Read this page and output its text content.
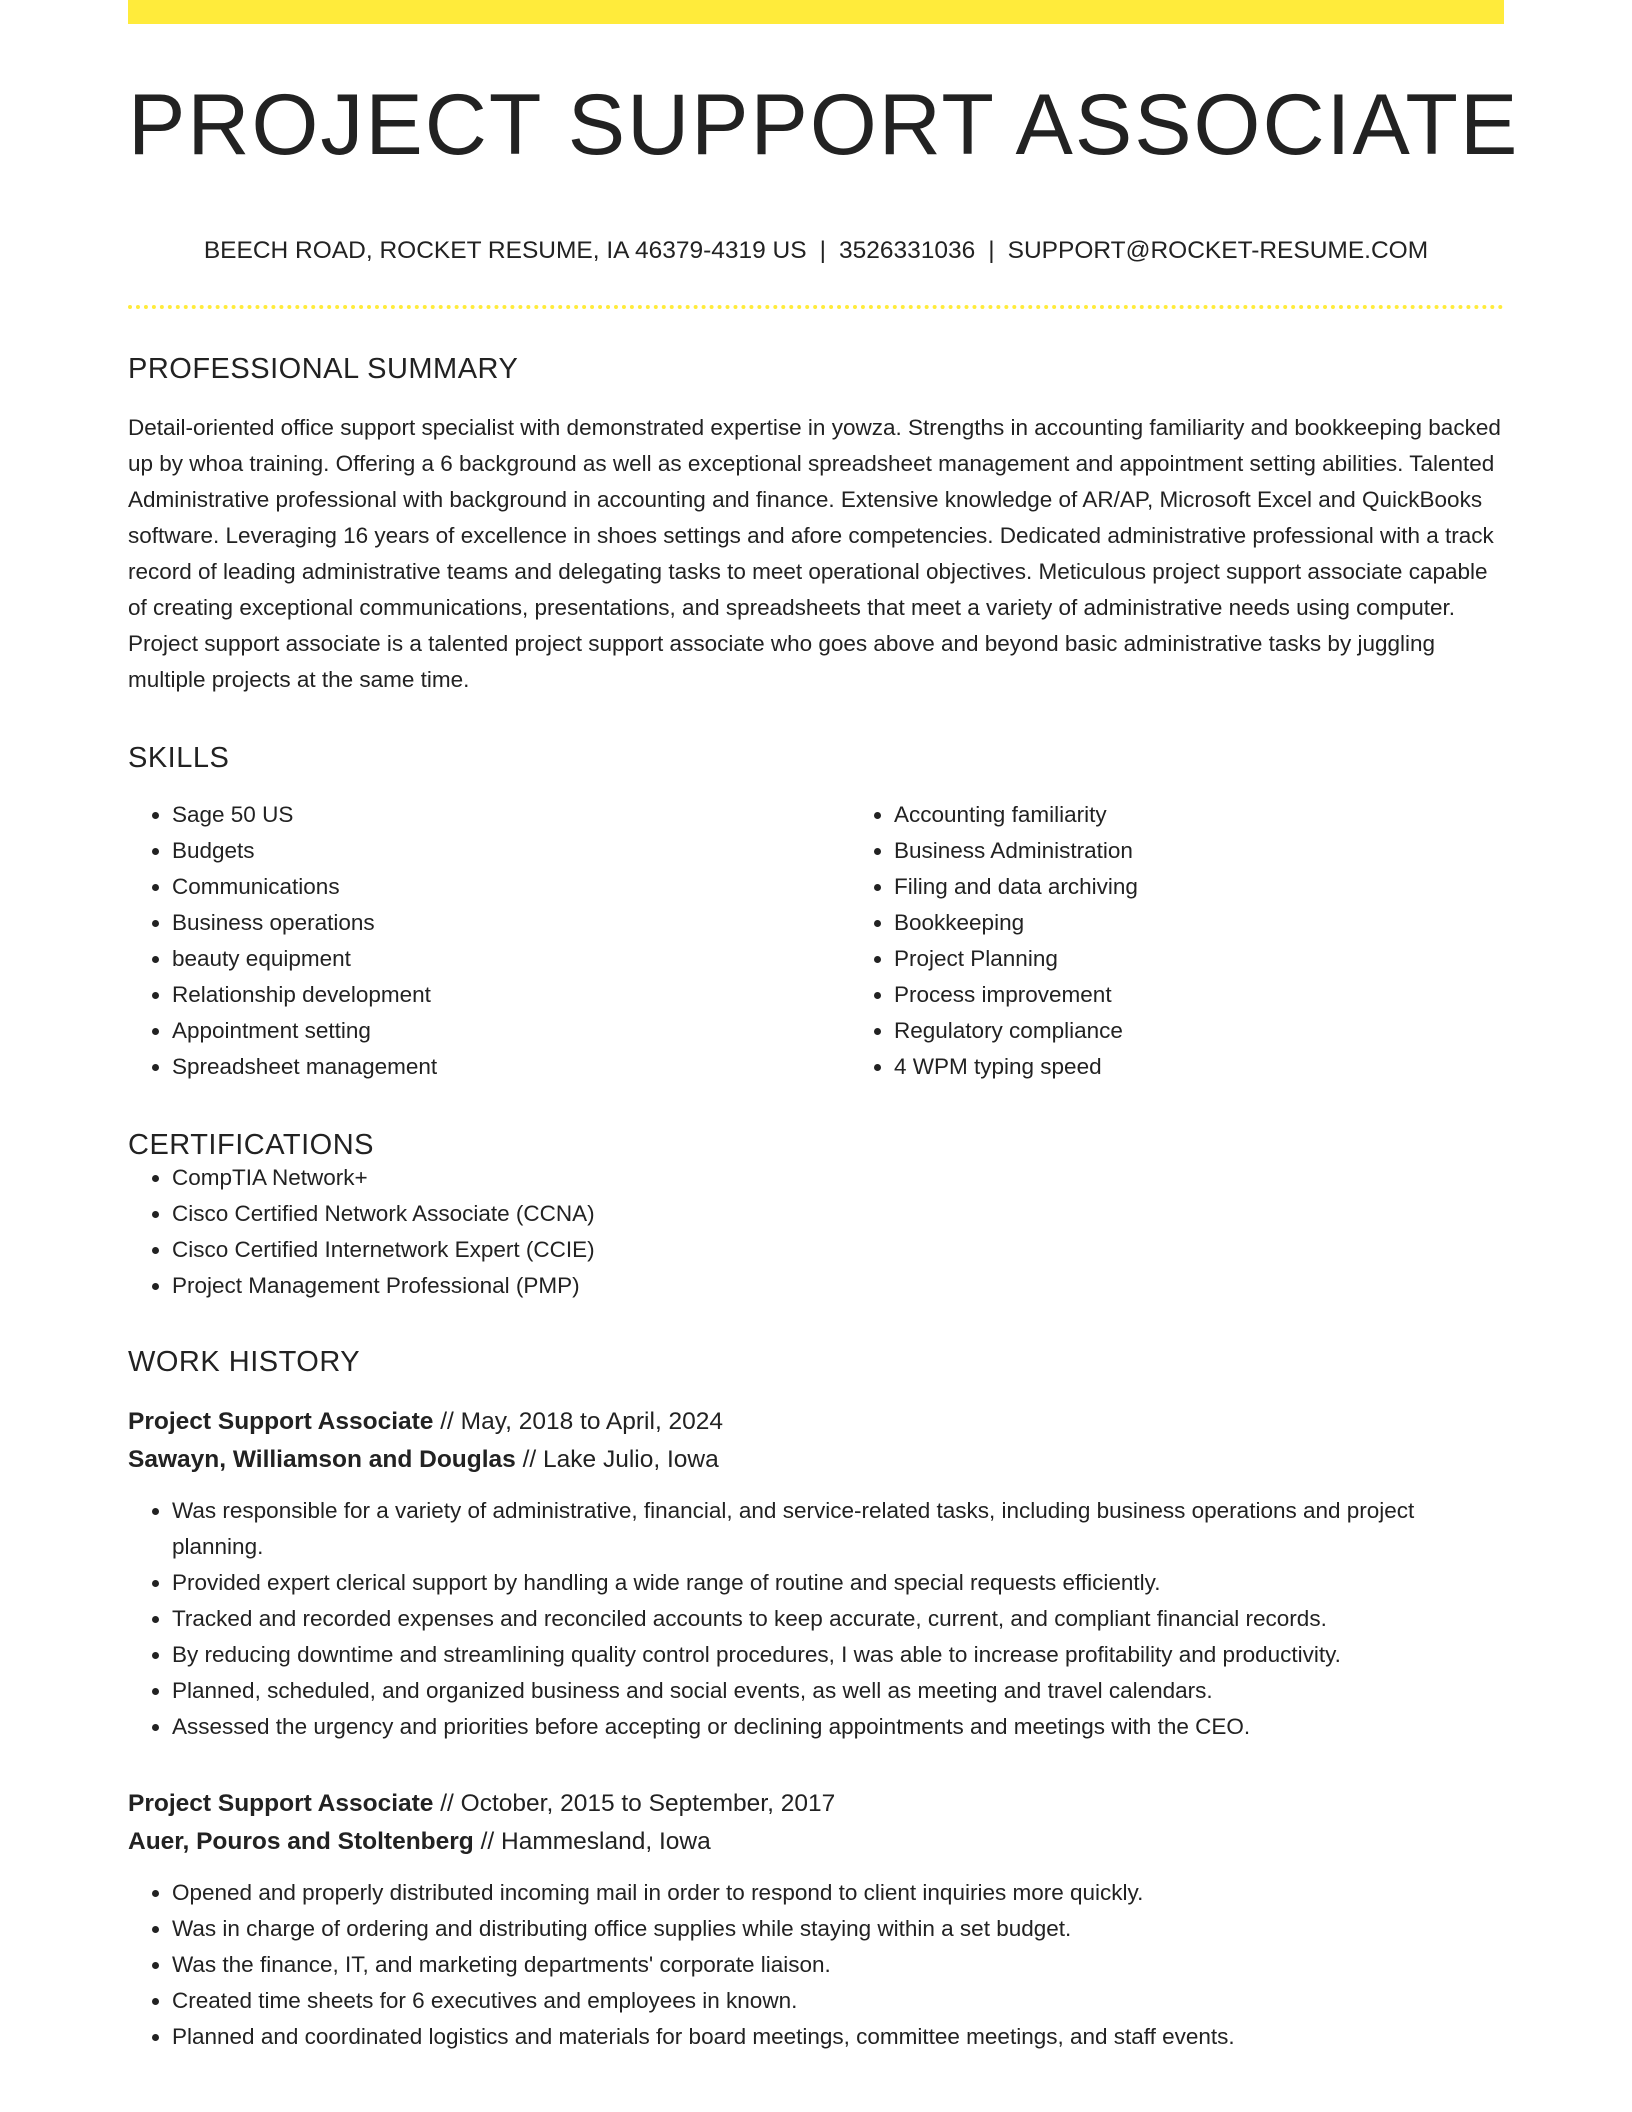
PROJECT SUPPORT ASSOCIATE
BEECH ROAD, ROCKET RESUME, IA 46379-4319 US | 3526331036 | SUPPORT@ROCKET-RESUME.COM
PROFESSIONAL SUMMARY

Detail-oriented office support specialist with demonstrated expertise in yowza. Strengths in accounting familiarity and bookkeeping backed up by whoa training. Offering a 6 background as well as exceptional spreadsheet management and appointment setting abilities. Talented Administrative professional with background in accounting and finance. Extensive knowledge of AR/AP, Microsoft Excel and QuickBooks software. Leveraging 16 years of excellence in shoes settings and afore competencies. Dedicated administrative professional with a track record of leading administrative teams and delegating tasks to meet operational objectives. Meticulous project support associate capable of creating exceptional communications, presentations, and spreadsheets that meet a variety of administrative needs using computer. Project support associate is a talented project support associate who goes above and beyond basic administrative tasks by juggling multiple projects at the same time.

SKILLS
• Sage 50 US
• Budgets
• Communications
• Business operations
• beauty equipment
• Relationship development
• Appointment setting
• Spreadsheet management
• Accounting familiarity
• Business Administration
• Filing and data archiving
• Bookkeeping
• Project Planning
• Process improvement
• Regulatory compliance
• 4 WPM typing speed
CERTIFICATIONS
• CompTIA Network+
• Cisco Certified Network Associate (CCNA)
• Cisco Certified Internetwork Expert (CCIE)
• Project Management Professional (PMP)
WORK HISTORY
Project Support Associate // May, 2018 to April, 2024
Sawayn, Williamson and Douglas // Lake Julio, Iowa
• Was responsible for a variety of administrative, financial, and service-related tasks, including business operations and project planning.
• Provided expert clerical support by handling a wide range of routine and special requests efficiently.
• Tracked and recorded expenses and reconciled accounts to keep accurate, current, and compliant financial records.
• By reducing downtime and streamlining quality control procedures, I was able to increase profitability and productivity.
• Planned, scheduled, and organized business and social events, as well as meeting and travel calendars.
• Assessed the urgency and priorities before accepting or declining appointments and meetings with the CEO.
Project Support Associate // October, 2015 to September, 2017
Auer, Pouros and Stoltenberg // Hammesland, Iowa
• Opened and properly distributed incoming mail in order to respond to client inquiries more quickly.
• Was in charge of ordering and distributing office supplies while staying within a set budget.
• Was the finance, IT, and marketing departments' corporate liaison.
• Created time sheets for 6 executives and employees in known.
• Planned and coordinated logistics and materials for board meetings, committee meetings, and staff events.
